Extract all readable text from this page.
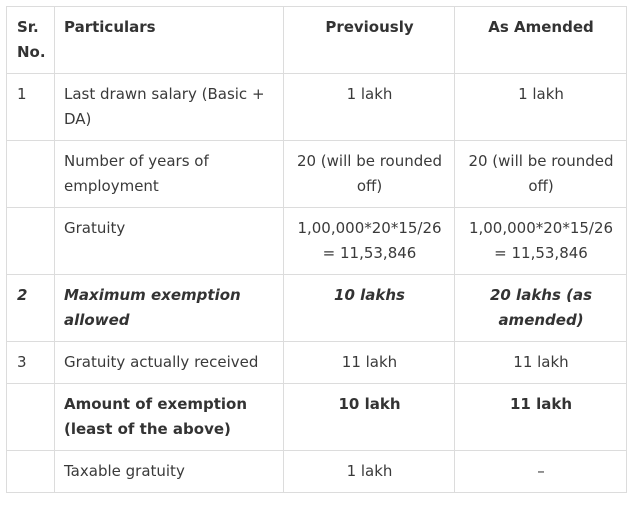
Sr.
No.	Particulars	Previously	As Amended

1	Last drawn salary (Basic + DA)	1 lakh	1 lakh

	Number of years of employment	20 (will be rounded off)	20 (will be rounded off)

	Gratuity	1,00,000*20*15/26 = 11,53,846	1,00,000*20*15/26 = 11,53,846

2	Maximum exemption allowed	10 lakhs	20 lakhs (as amended)

3	Gratuity actually received	11 lakh	11 lakh

	Amount of exemption (least of the above)	10 lakh	11 lakh

	Taxable gratuity	1 lakh	–
